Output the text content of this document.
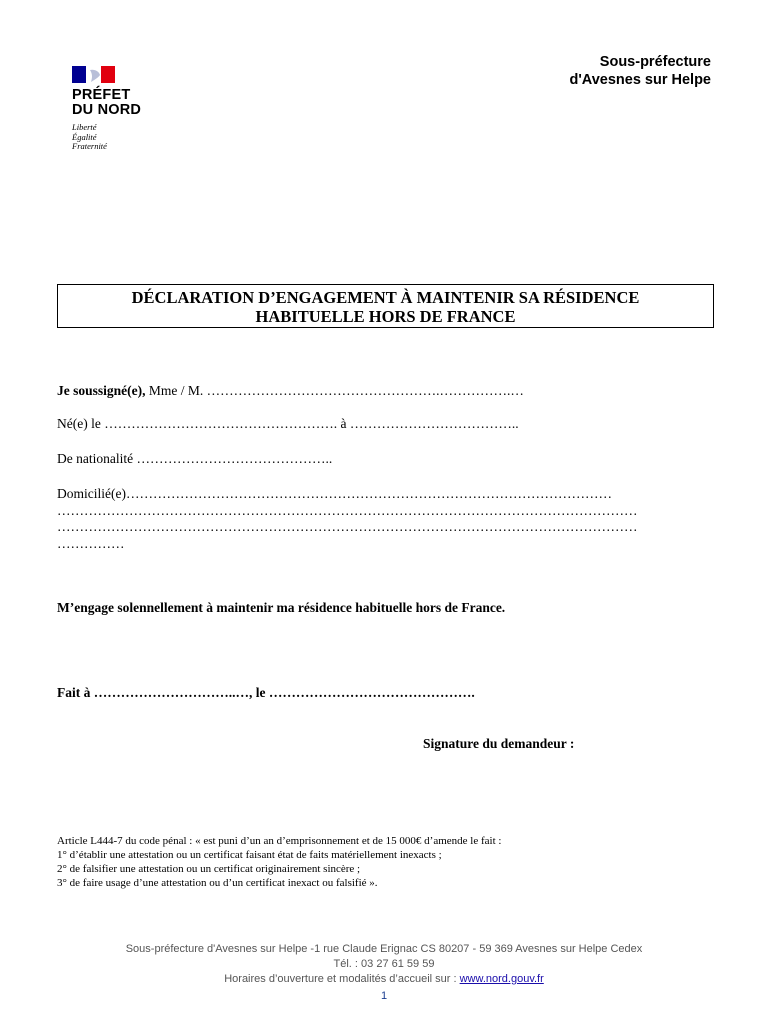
PRÉFET
DU NORD
Liberté
Égalité
Fraternité
Sous-préfecture
d'Avesnes sur Helpe
DÉCLARATION D’ENGAGEMENT À MAINTENIR SA RÉSIDENCE
HABITUELLE HORS DE FRANCE
Je soussigné(e), Mme / M. …………………………………………….…………….…
Né(e) le ……………………………………………. à ………………………………..
De nationalité ……………………………………..
Domicilié(e)………………………………………………………………………………………………
…………………………………………………………………………………………………………………
…………………………………………………………………………………………………………………
……………
M’engage solennellement à maintenir ma résidence habituelle hors de France.
Fait à …………………………..…, le ……………………………………….
Signature du demandeur :
Article L444-7 du code pénal : « est puni d’un an d’emprisonnement et de 15 000€ d’amende le fait :
1° d’établir une attestation ou un certificat faisant état de faits matériellement inexacts ;
2° de falsifier une attestation ou un certificat originairement sincère ;
3° de faire usage d’une attestation ou d’un certificat inexact ou falsifié ».
Sous-préfecture d'Avesnes sur Helpe -1 rue Claude Erignac CS 80207 - 59 369 Avesnes sur Helpe Cedex
Tél. : 03 27 61 59 59
Horaires d’ouverture et modalités d’accueil sur : www.nord.gouv.fr
1
